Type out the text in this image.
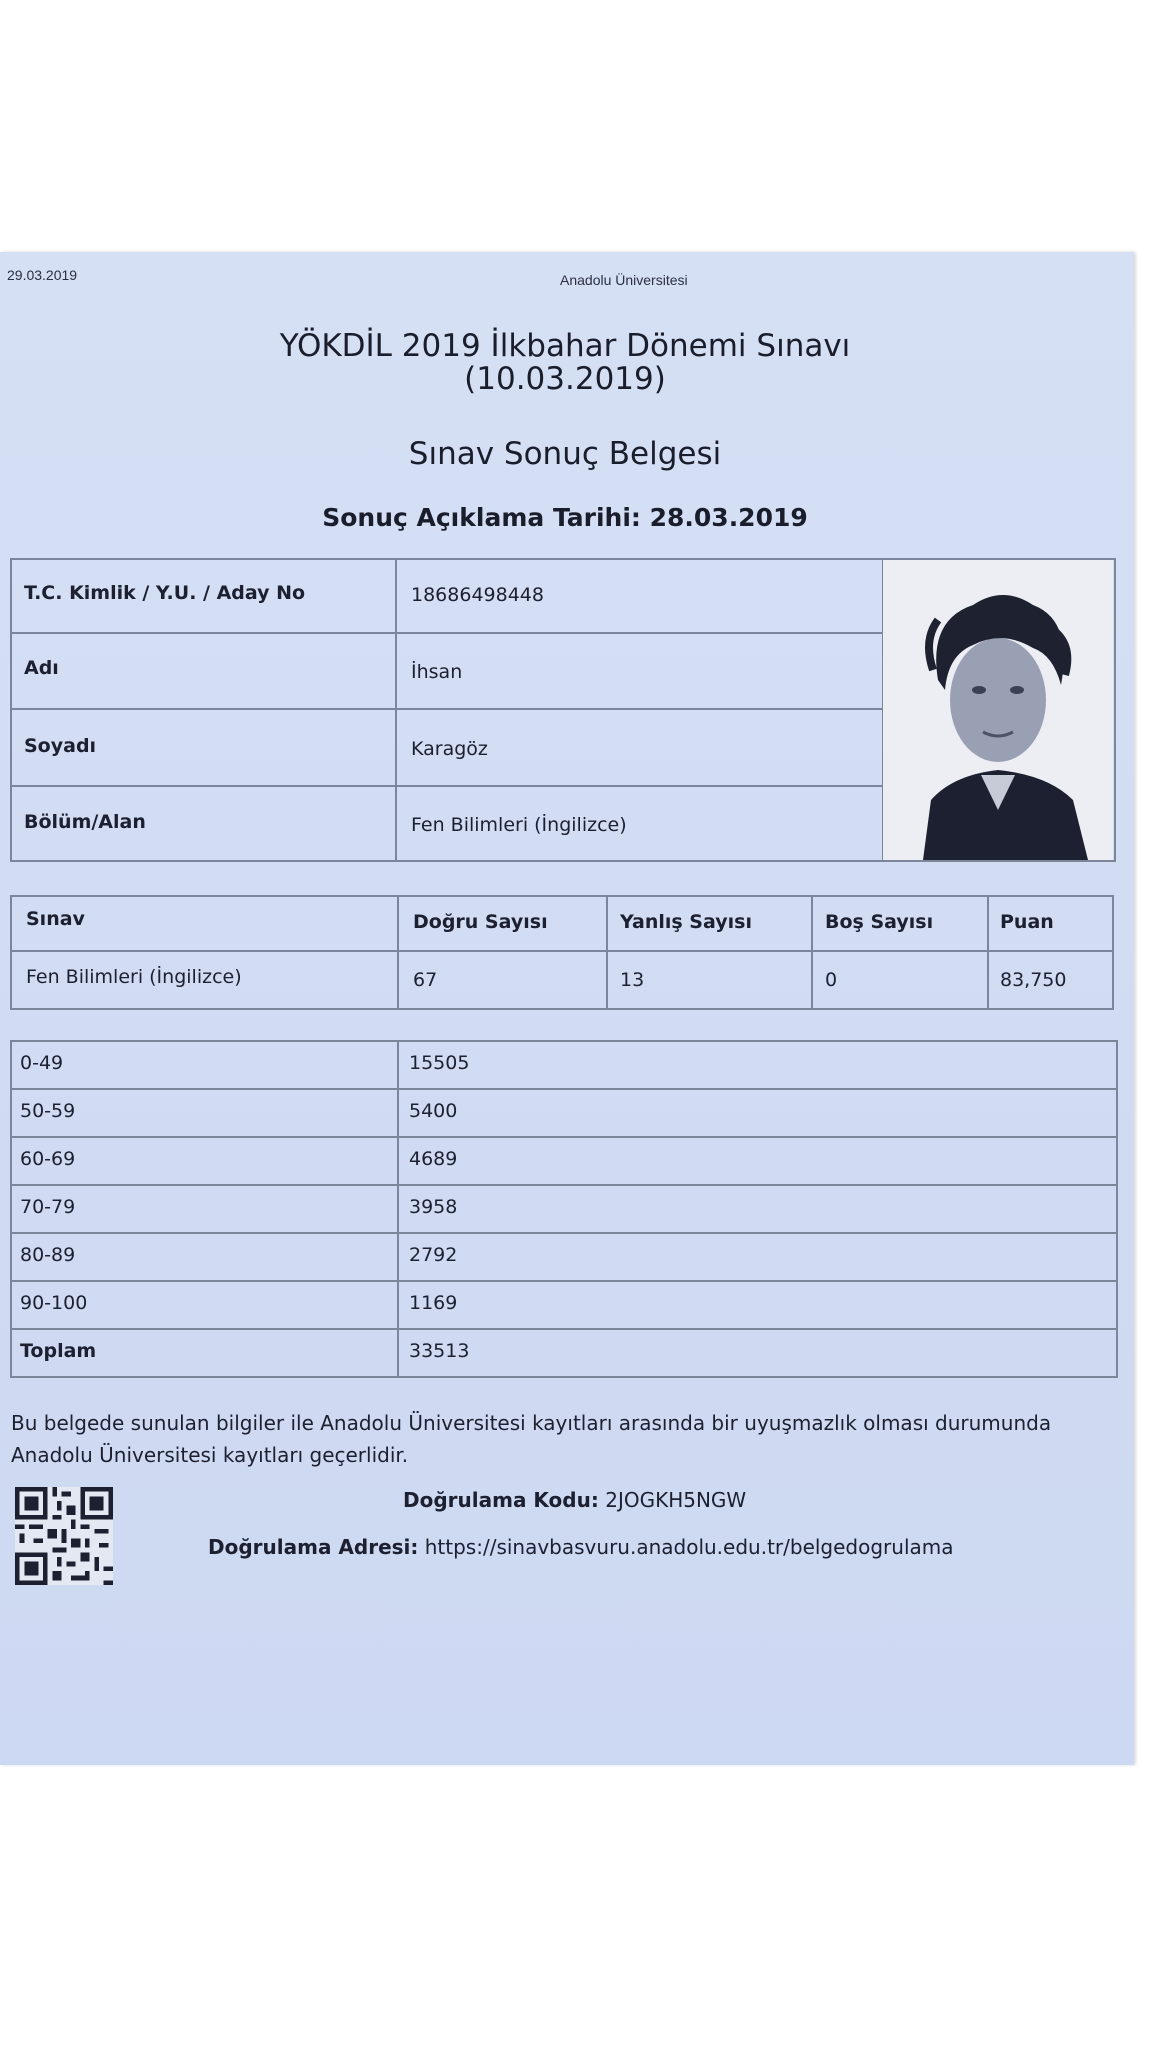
29.03.2019	Anadolu Üniversitesi
YÖKDİL 2019 İlkbahar Dönemi Sınavı
(10.03.2019)
Sınav Sonuç Belgesi
Sonuç Açıklama Tarihi: 28.03.2019
T.C. Kimlik / Y.U. / Aday No	18686498448
Adı	İhsan
Soyadı	Karagöz
Bölüm/Alan	Fen Bilimleri (İngilizce)
Sınav	Doğru Sayısı	Yanlış Sayısı	Boş Sayısı	Puan
Fen Bilimleri (İngilizce)	67	13	0	83,750
0-49	15505
50-59	5400
60-69	4689
70-79	3958
80-89	2792
90-100	1169
Toplam	33513
Bu belgede sunulan bilgiler ile Anadolu Üniversitesi kayıtları arasında bir uyuşmazlık olması durumunda Anadolu Üniversitesi kayıtları geçerlidir.
Doğrulama Kodu: 2JOGKH5NGW
Doğrulama Adresi: https://sinavbasvuru.anadolu.edu.tr/belgedogrulama
